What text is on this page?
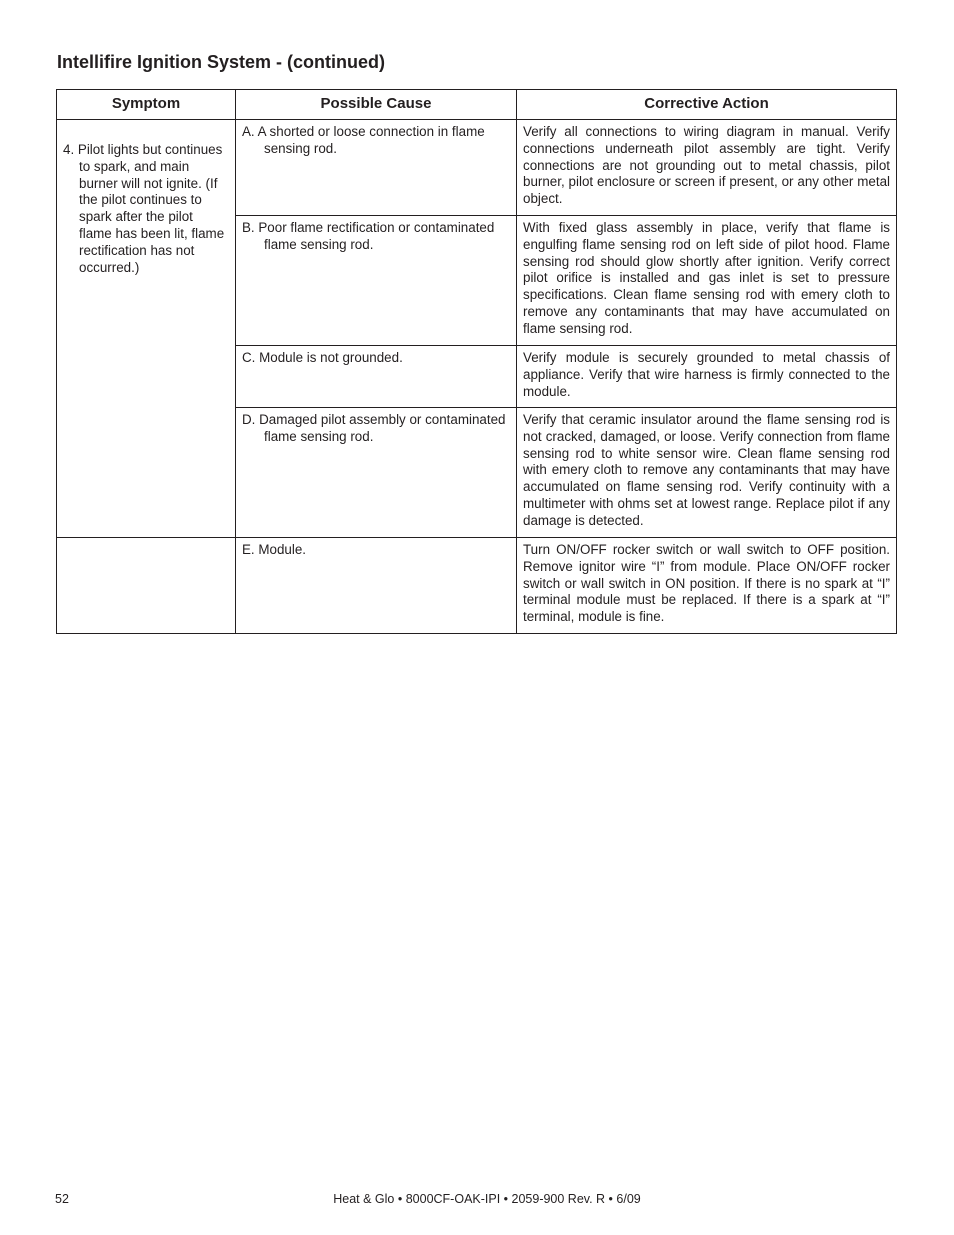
Intellifire Ignition System - (continued)
Symptom	Possible Cause	Corrective Action

4. Pilot lights but continues to spark, and main burner will not ignite. (If the pilot continues to spark after the pilot flame has been lit, flame rectification has not occurred.)	A. A shorted or loose connection in flame sensing rod.	Verify all connections to wiring diagram in manual. Verify connections underneath pilot assembly are tight. Verify connections are not grounding out to metal chassis, pilot burner, pilot enclosure or screen if present, or any other metal object.

	B. Poor flame rectification or contaminated flame sensing rod.	With fixed glass assembly in place, verify that flame is engulfing flame sensing rod on left side of pilot hood. Flame sensing rod should glow shortly after ignition. Verify correct pilot orifice is installed and gas inlet is set to pressure specifications. Clean flame sensing rod with emery cloth to remove any contaminants that may have accumulated on flame sensing rod.

	C. Module is not grounded.	Verify module is securely grounded to metal chassis of appliance. Verify that wire harness is firmly connected to the module.

	D. Damaged pilot assembly or contaminated flame sensing rod.	Verify that ceramic insulator around the flame sensing rod is not cracked, damaged, or loose. Verify connection from flame sensing rod to white sensor wire. Clean flame sensing rod with emery cloth to remove any contaminants that may have accumulated on flame sensing rod. Verify continuity with a multimeter with ohms set at lowest range. Replace pilot if any damage is detected.

	E. Module.	Turn ON/OFF rocker switch or wall switch to OFF position. Remove ignitor wire “I” from module. Place ON/OFF rocker switch or wall switch in ON position. If there is no spark at “I” terminal module must be replaced. If there is a spark at “I” terminal, module is fine.
52	Heat & Glo • 8000CF-OAK-IPI • 2059-900 Rev. R • 6/09
